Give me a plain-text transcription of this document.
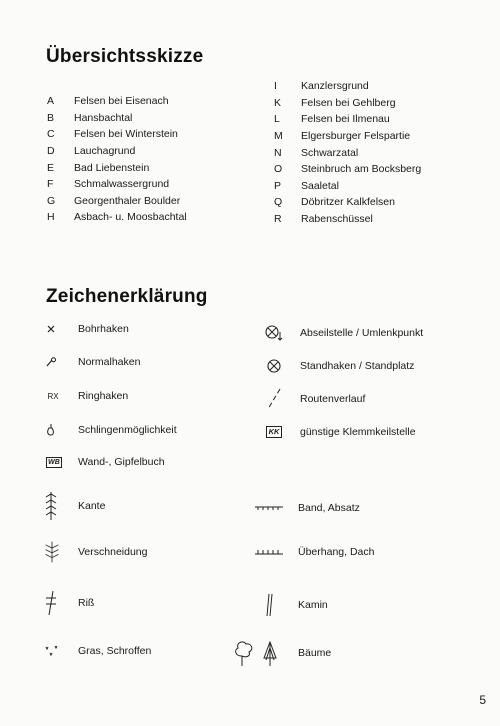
Übersichtsskizze
A	Felsen bei Eisenach
B	Hansbachtal
C	Felsen bei Winterstein
D	Lauchagrund
E	Bad Liebenstein
F	Schmalwassergrund
G	Georgenthaler Boulder
H	Asbach- u. Moosbachtal
I	Kanzlersgrund
K	Felsen bei Gehlberg
L	Felsen bei Ilmenau
M	Elgersburger Felspartie
N	Schwarzatal
O	Steinbruch am Bocksberg
P	Saaletal
Q	Döbritzer Kalkfelsen
R	Rabenschüssel
Zeichenerklärung
Bohrhaken
Normalhaken
RX	Ringhaken
Schlingenmöglichkeit
WB Wand-, Gipfelbuch
Kante
Verschneidung
Riß
Gras, Schroffen
Abseilstelle / Umlenkpunkt
Standhaken / Standplatz
Routenverlauf
KK günstige Klemmkeilstelle
Band, Absatz
Überhang, Dach
Kamin
Bäume
5
